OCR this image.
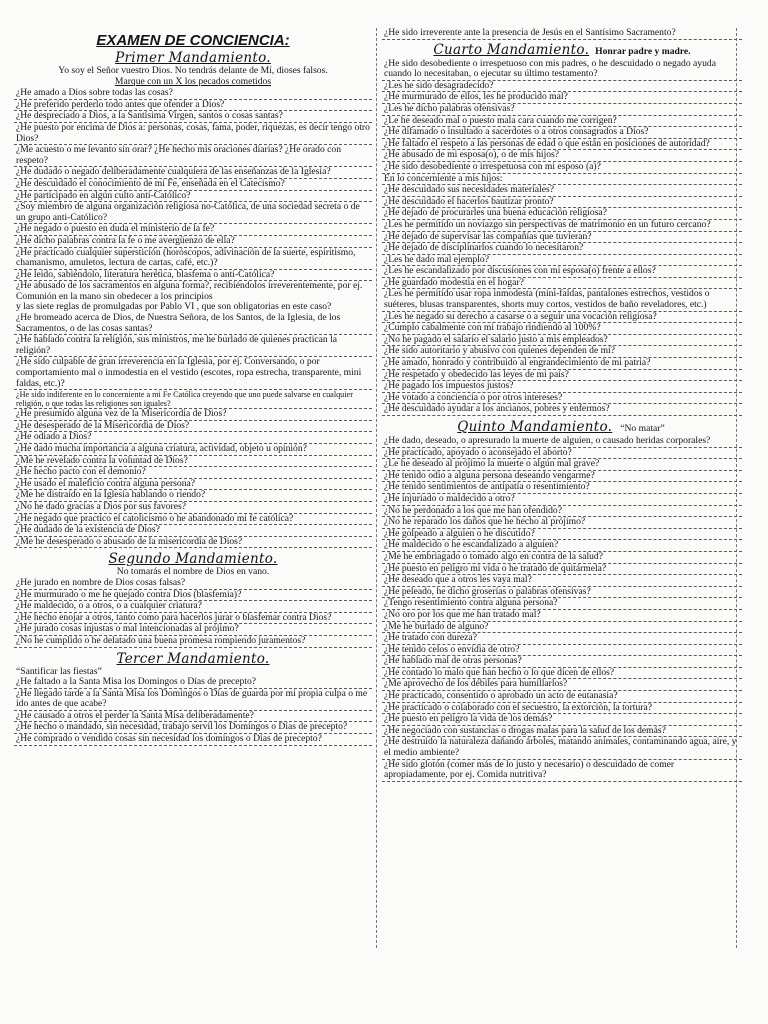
EXAMEN DE CONCIENCIA:
Primer Mandamiento.
Yo soy el Señor vuestro Dios. No tendrás delante de Mí, dioses falsos.
Marque con un X los pecados cometidos
¿He amado a Dios sobre todas las cosas?
¿He preferido perderlo todo antes que ofender a Dios?
¿He despreciado a Dios, a la Santísima Virgen, santos o cosas santas?
¿He puesto por encima de Dios a: personas, cosas, fama, poder, riquezas, es decir tengo otro Dios?
¿Me acuesto o me levanto sin orar? ¿He hecho mis oraciones diarias? ¿He orado con respeto?
¿He dudado o negado deliberadamente cualquiera de las enseñanzas de la Iglesia?
¿He descuidado el conocimiento de mi Fe, enseñada en el Catecismo?
¿He participado en algún culto anti-Católico?
¿Soy miembro de alguna organización religiosa no-Católica, de una sociedad secreta o de un grupo anti-Católico?
¿He negado o puesto en duda el ministerio de la fe?
¿He dicho palabras contra la fe o me avergüenzo de ella?
¿He practicado cualquier superstición (horóscopos, adivinación de la suerte, espiritismo, chamanismo, amuletos, lectura de cartas, café, etc.)?
¿He leído, sabiéndolo, literatura herética, blasfema o anti-Católica?
¿He abusado de los sacramentos en alguna forma?, recibiéndolos irreverentemente, por ej.
Comunión en la mano sin obedecer a los principios
y las siete reglas de promulgadas por Pablo VI , que son obligatorias en este caso?
¿He bromeado acerca de Dios, de Nuestra Señora, de los Santos, de la Iglesia, de los Sacramentos, o de las cosas santas?
¿He hablado contra la religión, sus ministros, me he burlado de quienes practican la religión?
¿He sido culpable de gran irreverencia en la Iglesia, por ej. Conversando, o por comportamiento mal o inmodestia en el vestido (escotes, ropa estrecha, transparente, mini faldas, etc.)?
¿He sido indiferente en lo concerniente a mi Fe Católica creyendo que uno puede salvarse en cualquier religión, o que todas las religiones son iguales?
¿He presumido alguna vez de la Misericordia de Dios?
¿He desesperado de la Misericordia de Dios?
¿He odiado a Dios?
¿He dado mucha importancia a alguna criatura, actividad, objeto u opinión?
¿Me he revelado contra la voluntad de Dios?
¿He hecho pacto con el demonio?
¿He usado el maleficio contra alguna persona?
¿Me he distraído en la Iglesia hablando o riendo?
¿No he dado gracias a Dios por sus favores?
¿He negado que practico el catolicismo o he abandonado mi fe católica?
¿He dudado de la existencia de Dios?
¿Me he desesperado o abusado de la misericordia de Dios?
Segundo Mandamiento.
No tomarás el nombre de Dios en vano.
¿He jurado en nombre de Dios cosas falsas?
¿He murmurado o me he quejado contra Dios (blasfemia)?
¿He maldecido, o a otros, o a cualquier criatura?
¿He hecho enojar a otros, tanto como para hacerlos jurar o blasfemar contra Dios?
¿He jurado cosas injustas o mal intencionadas al prójimo?
¿No he cumplido o he delatado una buena promesa rompiendo juramentos?
Tercer Mandamiento.
“Santificar las fiestas”
¿He faltado a la Santa Misa los Domingos o Días de precepto?
¿He llegado tarde a la Santa Misa los Domingos o Días de guarda por mi propia culpa o me ido antes de que acabe?
¿He causado a otros el perder la Santa Misa deliberadamente?
¿He hecho o mandado, sin necesidad, trabajo servil los Domingos o Días de precepto?
¿He comprado o vendido cosas sin necesidad los domingos o Días de precepto?
¿He sido irreverente ante la presencia de Jesús en el Santísimo Sacramento?
Cuarto Mandamiento. Honrar padre y madre.
¿He sido desobediente o irrespetuoso con mis padres, o he descuidado o negado ayuda cuando lo necesitaban, o ejecutar su último testamento?
¿Les he sido desagradecido?
¿He murmurado de ellos, les he producido mal?
¿Les he dicho palabras ofensivas?
¿Le he deseado mal o puesto mala cara cuando me corrigen?
¿He difamado o insultado a sacerdotes o a otros consagrados a Dios?
¿He faltado el respeto a las personas de edad o que están en posiciones de autoridad?
¿He abusado de mi esposa(o), o de mis hijos?
¿He sido desobediente o irrespetuosa con mi esposo (a)?
En lo concerniente a mis hijos:
¿He descuidado sus necesidades materiales?
¿He descuidado el hacerlos bautizar pronto?
¿He dejado de procurarles una buena educación religiosa?
¿Les he permitido un noviazgo sin perspectivas de matrimonio en un futuro cercano?
¿He dejado de supervisar las compañías que tuvieran?
¿He dejado de disciplinarlos cuando lo necesitaron?
¿Les he dado mal ejemplo?
¿Les he escandalizado por discusiones con mi esposa(o) frente a ellos?
¿He guardado modestia en el hogar?
¿Les he permitido usar ropa inmodesta (mini-faldas, pantalones estrechos, vestidos o suéteres, blusas transparentes, shorts muy cortos, vestidos de baño reveladores, etc.)
¿Les he negado su derecho a casarse o a seguir una vocación religiosa?
¿Cumplo cabalmente con mi trabajo rindiendo al 100%?
¿No he pagado el salario el salario justo a mis empleados?
¿He sido autoritario y abusivo con quienes dependen de mí?
¿He amado, honrado y contribuido al engrandecimiento de mi patria?
¿He respetado y obedecido las leyes de mi país?
¿He pagado los impuestos justos?
¿He votado a conciencia o por otros intereses?
¿He descuidado ayudar a los ancianos, pobres y enfermos?
Quinto Mandamiento. “No matar”
¿He dado, deseado, o apresurado la muerte de alguien, o causado heridas corporales?
¿He practicado, apoyado o aconsejado el aborto?
¿Le he deseado al prójimo la muerte o algún mal grave?
¿He tenido odio a alguna persona deseando vengarme?
¿He tenido sentimientos de antipatía o resentimiento?
¿He injuriado o maldecido a otro?
¿No he perdonado a los que me han ofendido?
¿No he reparado los daños que he hecho al prójimo?
¿He golpeado a alguien o he discutido?
¿He maldecido o he escandalizado a alguien?
¿Me he embriagado o tomado algo en contra de la salud?
¿He puesto en peligro mi vida o he tratado de quitármela?
¿He deseado que a otros les vaya mal?
¿He peleado, he dicho groserías o palabras ofensivas?
¿Tengo resentimiento contra alguna persona?
¿No oro por los que me han tratado mal?
¿Me he burlado de alguno?
¿He tratado con dureza?
¿He tenido celos o envidia de otro?
¿He hablado mal de otras personas?
¿He contado lo malo que han hecho o lo que dicen de ellos?
¿Me aprovecho de los débiles para humillarlos?
¿He practicado, consentido o aprobado un acto de eutanasia?
¿He practicado o colaborado con el secuestro, la extorción, la tortura?
¿He puesto en peligro la vida de los demás?
¿He negociado con sustancias o drogas malas para la salud de los demás?
¿He destruido la naturaleza dañando árboles, matando animales, contaminando agua, aire, y el medio ambiente?
¿He sido glotón (comer más de lo justo y necesario) o descuidado de comer apropiadamente, por ej. Comida nutritiva?
